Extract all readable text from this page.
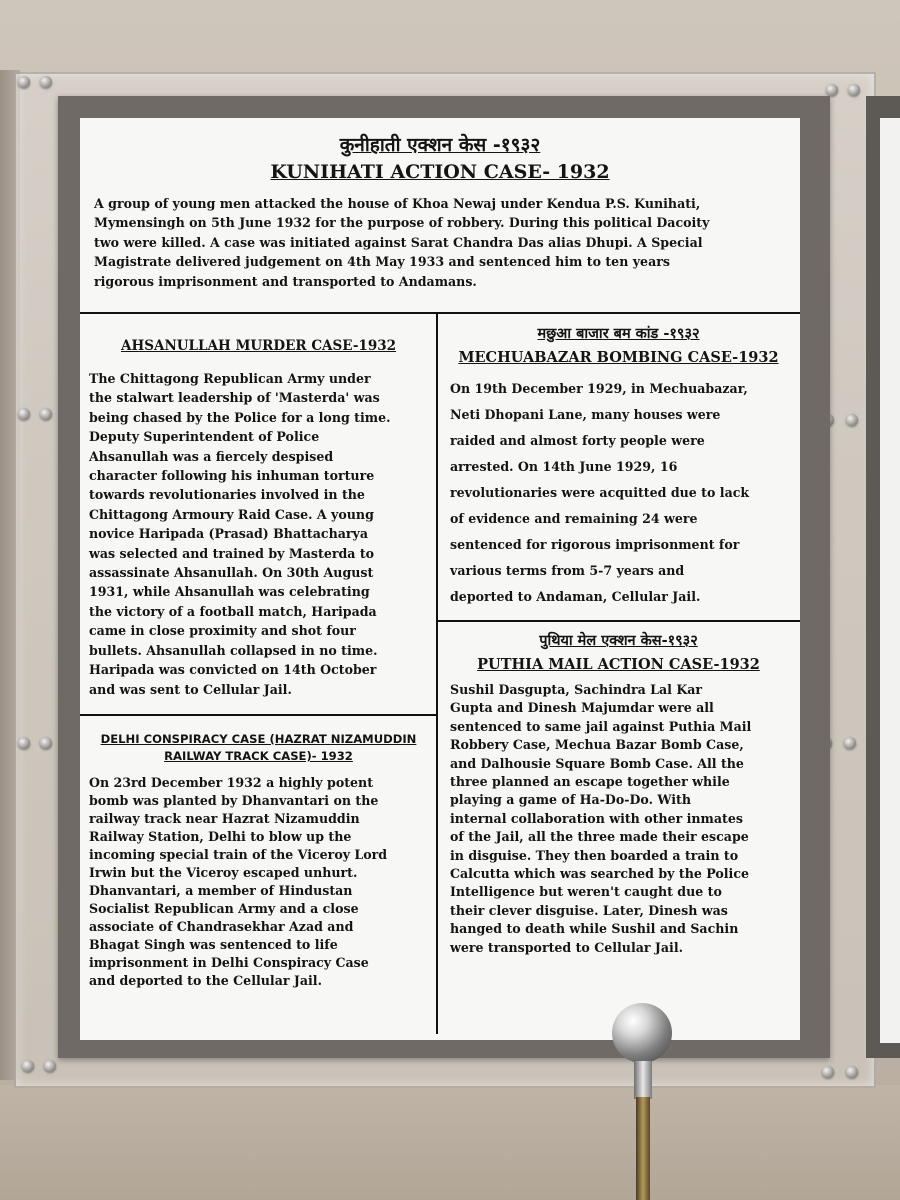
कुनीहाती एक्शन केस -१९३२
KUNIHATI ACTION CASE- 1932

A group of young men attacked the house of Khoa Newaj under Kendua P.S. Kunihati,

Mymensingh on 5th June 1932 for the purpose of robbery. During this political Dacoity

two were killed. A case was initiated against Sarat Chandra Das alias Dhupi. A Special

Magistrate delivered judgement on 4th May 1933 and sentenced him to ten years

rigorous imprisonment and transported to Andamans.

AHSANULLAH MURDER CASE-1932

The Chittagong Republican Army under

the stalwart leadership of 'Masterda' was

being chased by the Police for a long time.

Deputy Superintendent of Police

Ahsanullah was a fiercely despised

character following his inhuman torture

towards revolutionaries involved in the

Chittagong Armoury Raid Case. A young

novice Haripada (Prasad) Bhattacharya

was selected and trained by Masterda to

assassinate Ahsanullah. On 30th August

1931, while Ahsanullah was celebrating

the victory of a football match, Haripada

came in close proximity and shot four

bullets. Ahsanullah collapsed in no time.

Haripada was convicted on 14th October

and was sent to Cellular Jail.

DELHI CONSPIRACY CASE (HAZRAT NIZAMUDDIN

RAILWAY TRACK CASE)- 1932

On 23rd December 1932 a highly potent

bomb was planted by Dhanvantari on the

railway track near Hazrat Nizamuddin

Railway Station, Delhi to blow up the

incoming special train of the Viceroy Lord

Irwin but the Viceroy escaped unhurt.

Dhanvantari, a member of Hindustan

Socialist Republican Army and a close

associate of Chandrasekhar Azad and

Bhagat Singh was sentenced to life

imprisonment in Delhi Conspiracy Case

and deported to the Cellular Jail.

मछुआ बाजार बम कांड -१९३२
MECHUABAZAR BOMBING CASE-1932

On 19th December 1929, in Mechuabazar,

Neti Dhopani Lane, many houses were

raided and almost forty people were

arrested. On 14th June 1929, 16

revolutionaries were acquitted due to lack

of evidence and remaining 24 were

sentenced for rigorous imprisonment for

various terms from 5-7 years and

deported to Andaman, Cellular Jail.

पुथिया मेल एक्शन केस-१९३२
PUTHIA MAIL ACTION CASE-1932

Sushil Dasgupta, Sachindra Lal Kar

Gupta and Dinesh Majumdar were all

sentenced to same jail against Puthia Mail

Robbery Case, Mechua Bazar Bomb Case,

and Dalhousie Square Bomb Case. All the

three planned an escape together while

playing a game of Ha-Do-Do. With

internal collaboration with other inmates

of the Jail, all the three made their escape

in disguise. They then boarded a train to

Calcutta which was searched by the Police

Intelligence but weren't caught due to

their clever disguise. Later, Dinesh was

hanged to death while Sushil and Sachin

were transported to Cellular Jail.
